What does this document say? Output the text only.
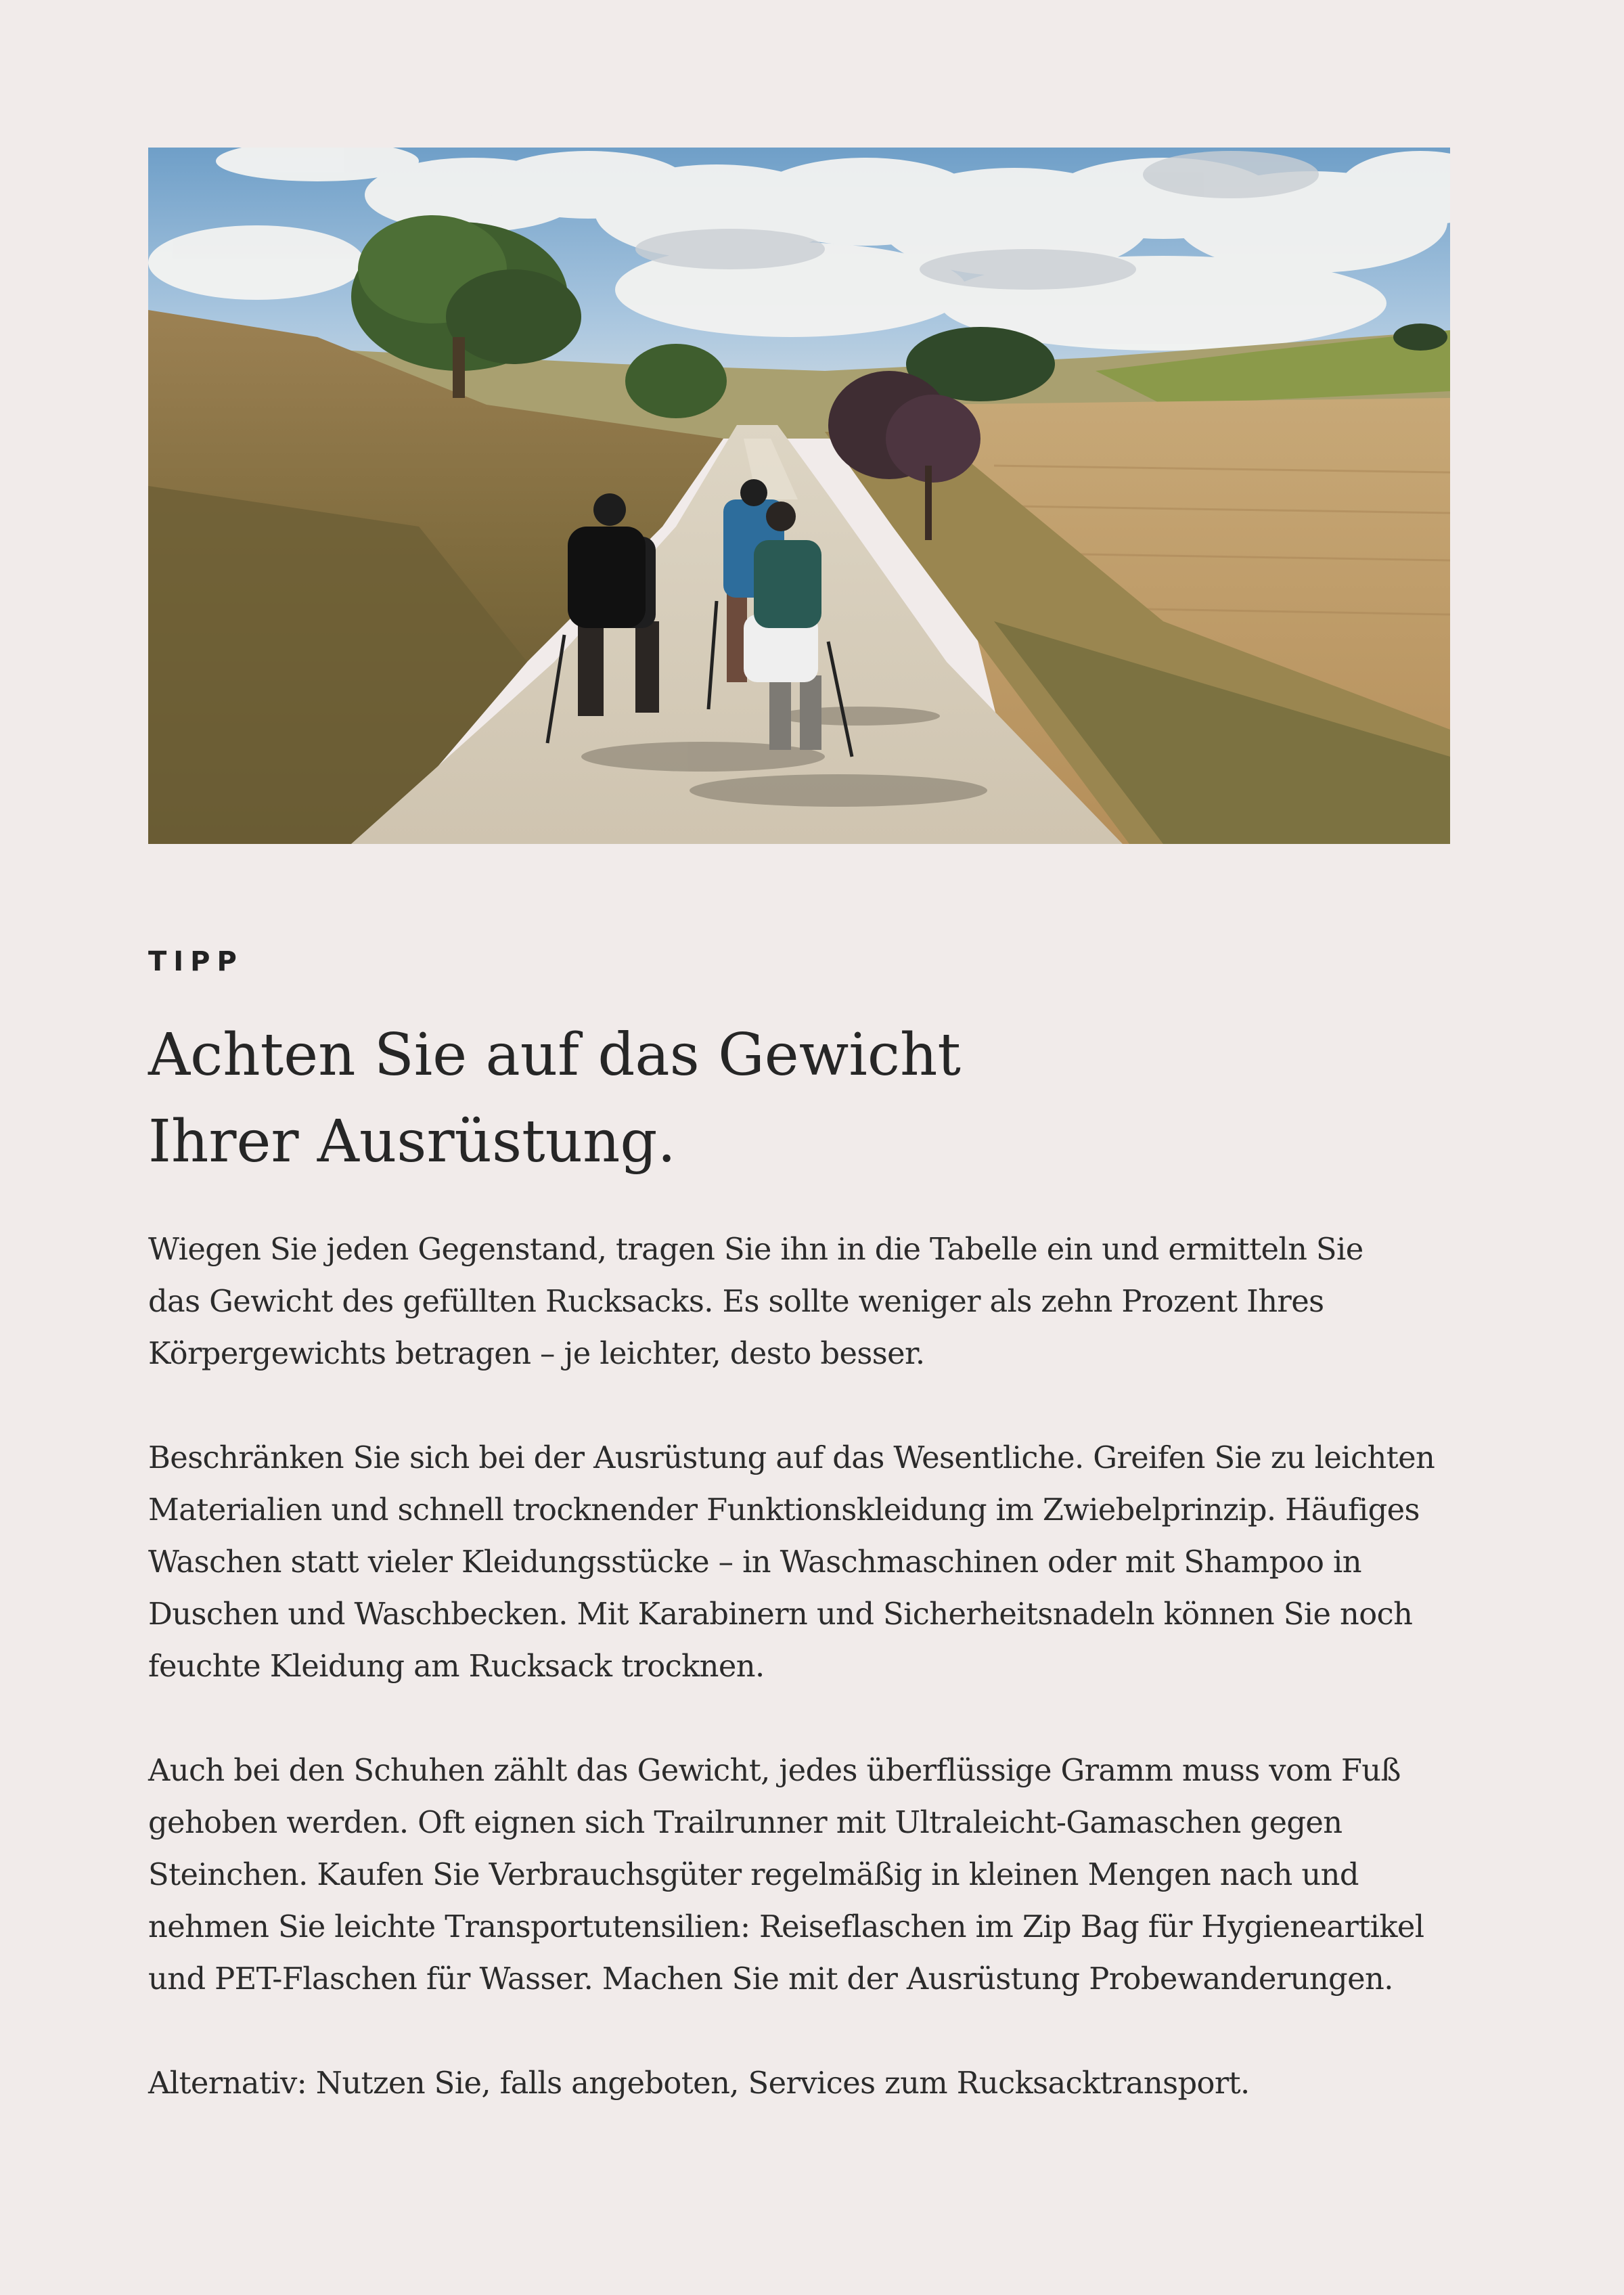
TIPP
Achten Sie auf das Gewicht
Ihrer Ausrüstung.

Wiegen Sie jeden Gegenstand, tragen Sie ihn in die Tabelle ein und ermitteln Sie
das Gewicht des gefüllten Rucksacks. Es sollte weniger als zehn Prozent Ihres
Körpergewichts betragen – je leichter, desto besser.

Beschränken Sie sich bei der Ausrüstung auf das Wesentliche. Greifen Sie zu leichten
Materialien und schnell trocknender Funktionskleidung im Zwiebelprinzip. Häufiges
Waschen statt vieler Kleidungsstücke – in Waschmaschinen oder mit Shampoo in
Duschen und Waschbecken. Mit Karabinern und Sicherheitsnadeln können Sie noch
feuchte Kleidung am Rucksack trocknen.

Auch bei den Schuhen zählt das Gewicht, jedes überflüssige Gramm muss vom Fuß
gehoben werden. Oft eignen sich Trailrunner mit Ultraleicht-Gamaschen gegen
Steinchen. Kaufen Sie Verbrauchsgüter regelmäßig in kleinen Mengen nach und
nehmen Sie leichte Transportutensilien: Reiseflaschen im Zip Bag für Hygieneartikel
und PET-Flaschen für Wasser. Machen Sie mit der Ausrüstung Probewanderungen.

Alternativ: Nutzen Sie, falls angeboten, Services zum Rucksacktransport.
